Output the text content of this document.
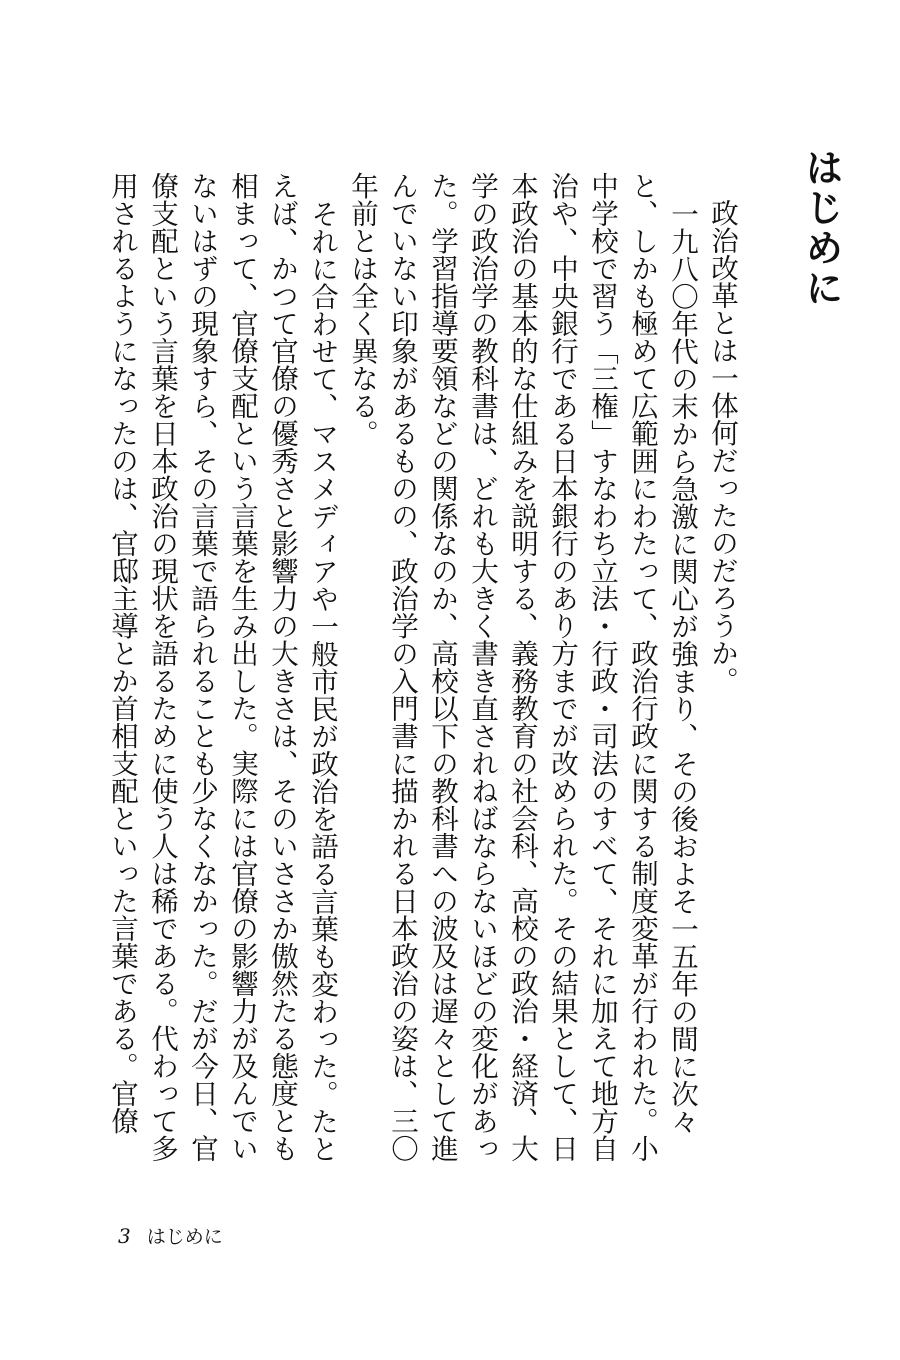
はじめに

政治改革とは一体何だったのだろうか。

一九八〇年代の末から急激に関心が強まり、その後およそ一五年の間に次々と、しかも極めて広範囲にわたって、政治行政に関する制度変革が行われた。小中学校で習う「三権」すなわち立法・行政・司法のすべて、それに加えて地方自治や、中央銀行である日本銀行のあり方までが改められた。その結果として、日本政治の基本的な仕組みを説明する、義務教育の社会科、高校の政治・経済、大学の政治学の教科書は、どれも大きく書き直されねばならないほどの変化があった。学習指導要領などの関係なのか、高校以下の教科書への波及は遅々として進んでいない印象があるものの、政治学の入門書に描かれる日本政治の姿は、三〇年前とは全く異なる。

それに合わせて、マスメディアや一般市民が政治を語る言葉も変わった。たとえば、かつて官僚の優秀さと影響力の大きさは、そのいささか傲然たる態度とも相まって、官僚支配という言葉を生み出した。実際には官僚の影響力が及んでいないはずの現象すら、その言葉で語られることも少なくなかった。だが今日、官僚支配という言葉を日本政治の現状を語るために使う人は稀である。代わって多用されるようになったのは、官邸主導とか首相支配といった言葉である。官僚

3 はじめに
